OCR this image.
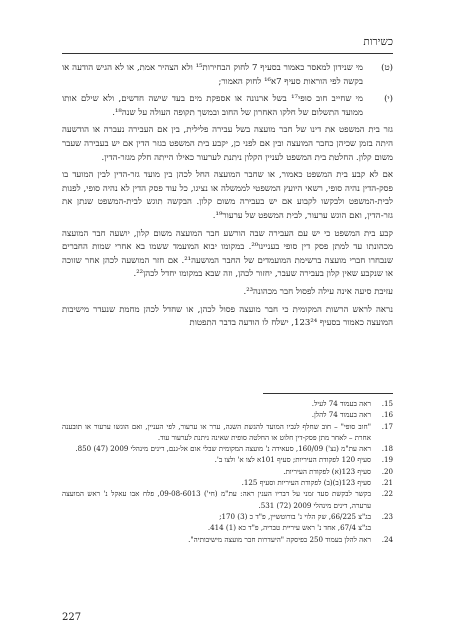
כשירות
(ט)
מי שנידון למאסר כאמור בסעיף 7 לחוק הבחירות¹⁵ ולא הצהיר אמת, או לא הגיש הודעה או בקשה לפי הוראות סעיף 7א¹⁶ לחוק האמור;
(י)
מי שחייב חוב סופי¹⁷ בשל ארנונה או אספקת מים בעד שישה חדשים, ולא שילם אותו ממועד התשלום של חלקו האחרון של החוב ובמשך תקופה העולה על שנה¹⁸.

גזר בית המשפט את דינו של חבר מועצה בשל עבירה פלילית, בין אם העבירה נעברה או הודשעה היתה בזמן שכיהן כחבר המועצה ובין אם לפני כן, יקבע בית המשפט בגזר הדין אם יש בעבירה שעבר משום קלון. החלטת בית המשפט לעניין הקלון ניתנת לערעור כאילו הייתה חלק מגזר-הדין.

אם לא קבע בית המשפט כאמור, או שחבר המועצה החל לכהן בין מועד גזר-הדין לבין המועד בו פסק-הדין נהיה סופי, רשאי היועץ המשפטי לממשלה או נציגו, כל עוד פסק הדין לא נהיה סופי, לפנות לבית-המשפט ולבקשו לקבוע אם יש בעבירה משום קלון. הבקשה תוגש לבית-המשפט שנתן את גזר-הדין, ואם הוגש ערעור, לבית המשפט של ערעור¹⁹.

קבע בית המשפט כי יש עם העבירה שבה הורשע חבר המועצה משום קלון, יושעה חבר המועצה מכהונתו עד למתן פסק דין סופי בעניינו²⁰. במקומו יבוא המועמד ששמו בא אחרי שמות החברים שנבחרו חברי מועצה ברשימת המועמדים של החבר המושעה²¹. אם חזר המושעה לכהן אחר שזוכה או שנקבע שאין קלון בעבירה שעבר, יחזור לכהן, וזה שבא במקומו יחדל לכהן²².

עזיבת סיעה אינה עילה לפסול חבר מכהונה²³.

נראה לראש הרשות המקומית כי חבר מועצה פסול לכהן, או שחדל לכהן מחמת שנעדר מישיבות המועצה כאמור בסעיף 123²⁴, ישלח לו הודעה בדבר התפטות

15.
ראה בעמוד 74 לעיל.
16.
ראה בעמוד 74 להלן.
17.
"חוב סופי" – חוב שחלף לגביו המועד להגשת השגה, ערר או ערעור, לפי העניין, ואם הוגשו ערעור או תובענה אחרת – לאחר מתן פסק-דין חלוט או החלטה סופית שאינה ניתנת לערעור עוד.
18.
ראה עת"מ (נצ') 160/09, סעאידה נ' מועצה המקומית שבלי אום אל-גנם, דינים מינהלי 2009 (47) 850.
19.
סעיף 120 לפקודת העיריות; סעיף 101א לצו א' ולצו ב'.
20.
סעיף 123(א) לפקודת העיריות.
21.
סעיף 123(ב)(ב) לפקודת העיריות וסעיף 125.
22.
בקשר לבקשת סעד זמני על דבריו הענין ראה: עת"מ (חי') 09-08-6013, פלח אבו עאקל נ' ראש המועצה ערערה, דינים מינהלי 2009 (72) 531.
23.
בג"צ 66/225, שק הלוי נ' בורוטשיין, פ"ד כ (3) 170;
בג"צ 67/4, אחד נ' ראש עיריית טבריה, פ"ד כא (1) 414.
24.
ראה להלן בעמוד 250 בפיסקה "היעדרות חבר מועצה מישיבותיה".
227
